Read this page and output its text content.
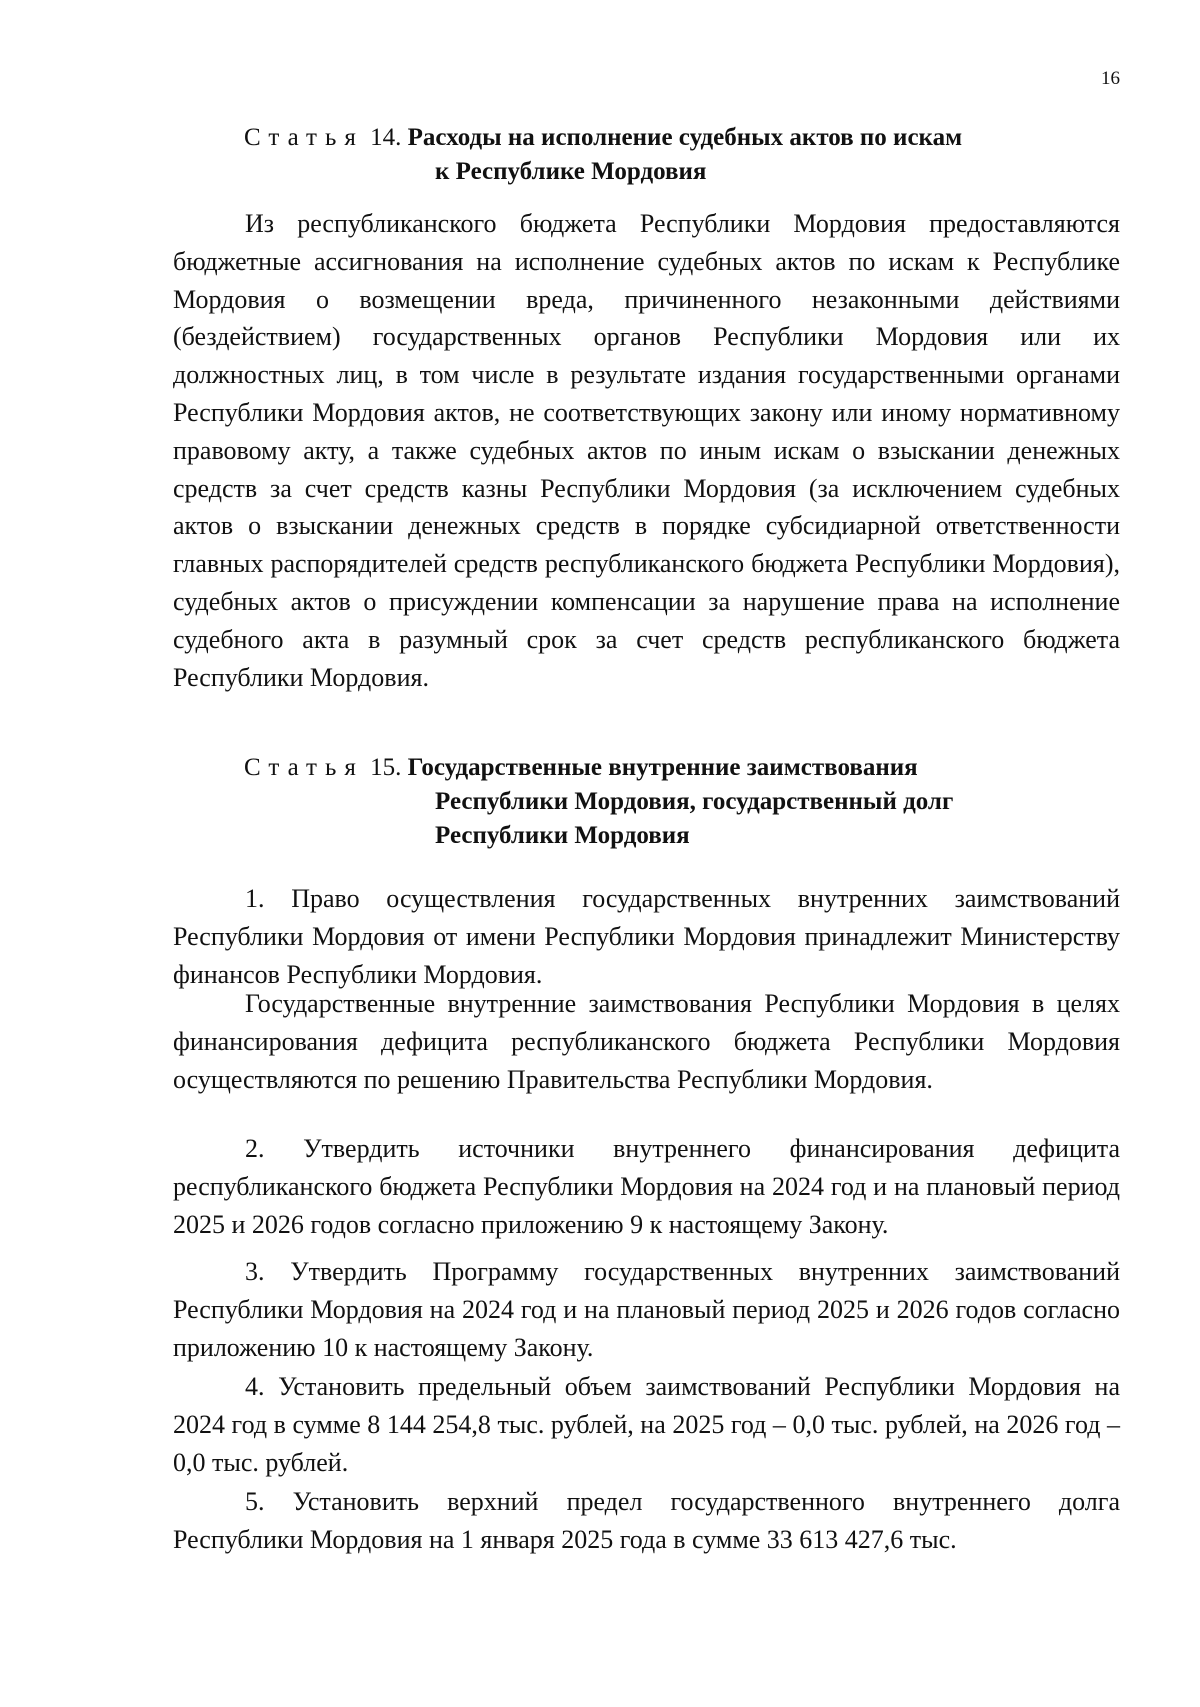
16
Статья 14. Расходы на исполнение судебных актов по искам
к Республике Мордовия

Из республиканского бюджета Республики Мордовия предоставляются бюджетные ассигнования на исполнение судебных актов по искам к Республике Мордовия о возмещении вреда, причиненного незаконными действиями (бездействием) государственных органов Республики Мордовия или их должностных лиц, в том числе в результате издания государственными органами Республики Мордовия актов, не соответствующих закону или иному нормативному правовому акту, а также судебных актов по иным искам о взыскании денежных средств за счет средств казны Республики Мордовия (за исключением судебных актов о взыскании денежных средств в порядке субсидиарной ответственности главных распорядителей средств республиканского бюджета Республики Мордовия), судебных актов о присуждении компенсации за нарушение права на исполнение судебного акта в разумный срок за счет средств республиканского бюджета Республики Мордовия.

Статья 15. Государственные внутренние заимствования
Республики Мордовия, государственный долг
Республики Мордовия

1. Право осуществления государственных внутренних заимствований Республики Мордовия от имени Республики Мордовия принадлежит Министерству финансов Республики Мордовия.

Государственные внутренние заимствования Республики Мордовия в целях финансирования дефицита республиканского бюджета Республики Мордовия осуществляются по решению Правительства Республики Мордовия.

2. Утвердить источники внутреннего финансирования дефицита республиканского бюджета Республики Мордовия на 2024 год и на плановый период 2025 и 2026 годов согласно приложению 9 к настоящему Закону.

3. Утвердить Программу государственных внутренних заимствований Республики Мордовия на 2024 год и на плановый период 2025 и 2026 годов согласно приложению 10 к настоящему Закону.

4. Установить предельный объем заимствований Республики Мордовия на 2024 год в сумме 8 144 254,8 тыс. рублей, на 2025 год – 0,0 тыс. рублей, на 2026 год – 0,0 тыс. рублей.

5. Установить верхний предел государственного внутреннего долга Республики Мордовия на 1 января 2025 года в сумме 33 613 427,6 тыс.
